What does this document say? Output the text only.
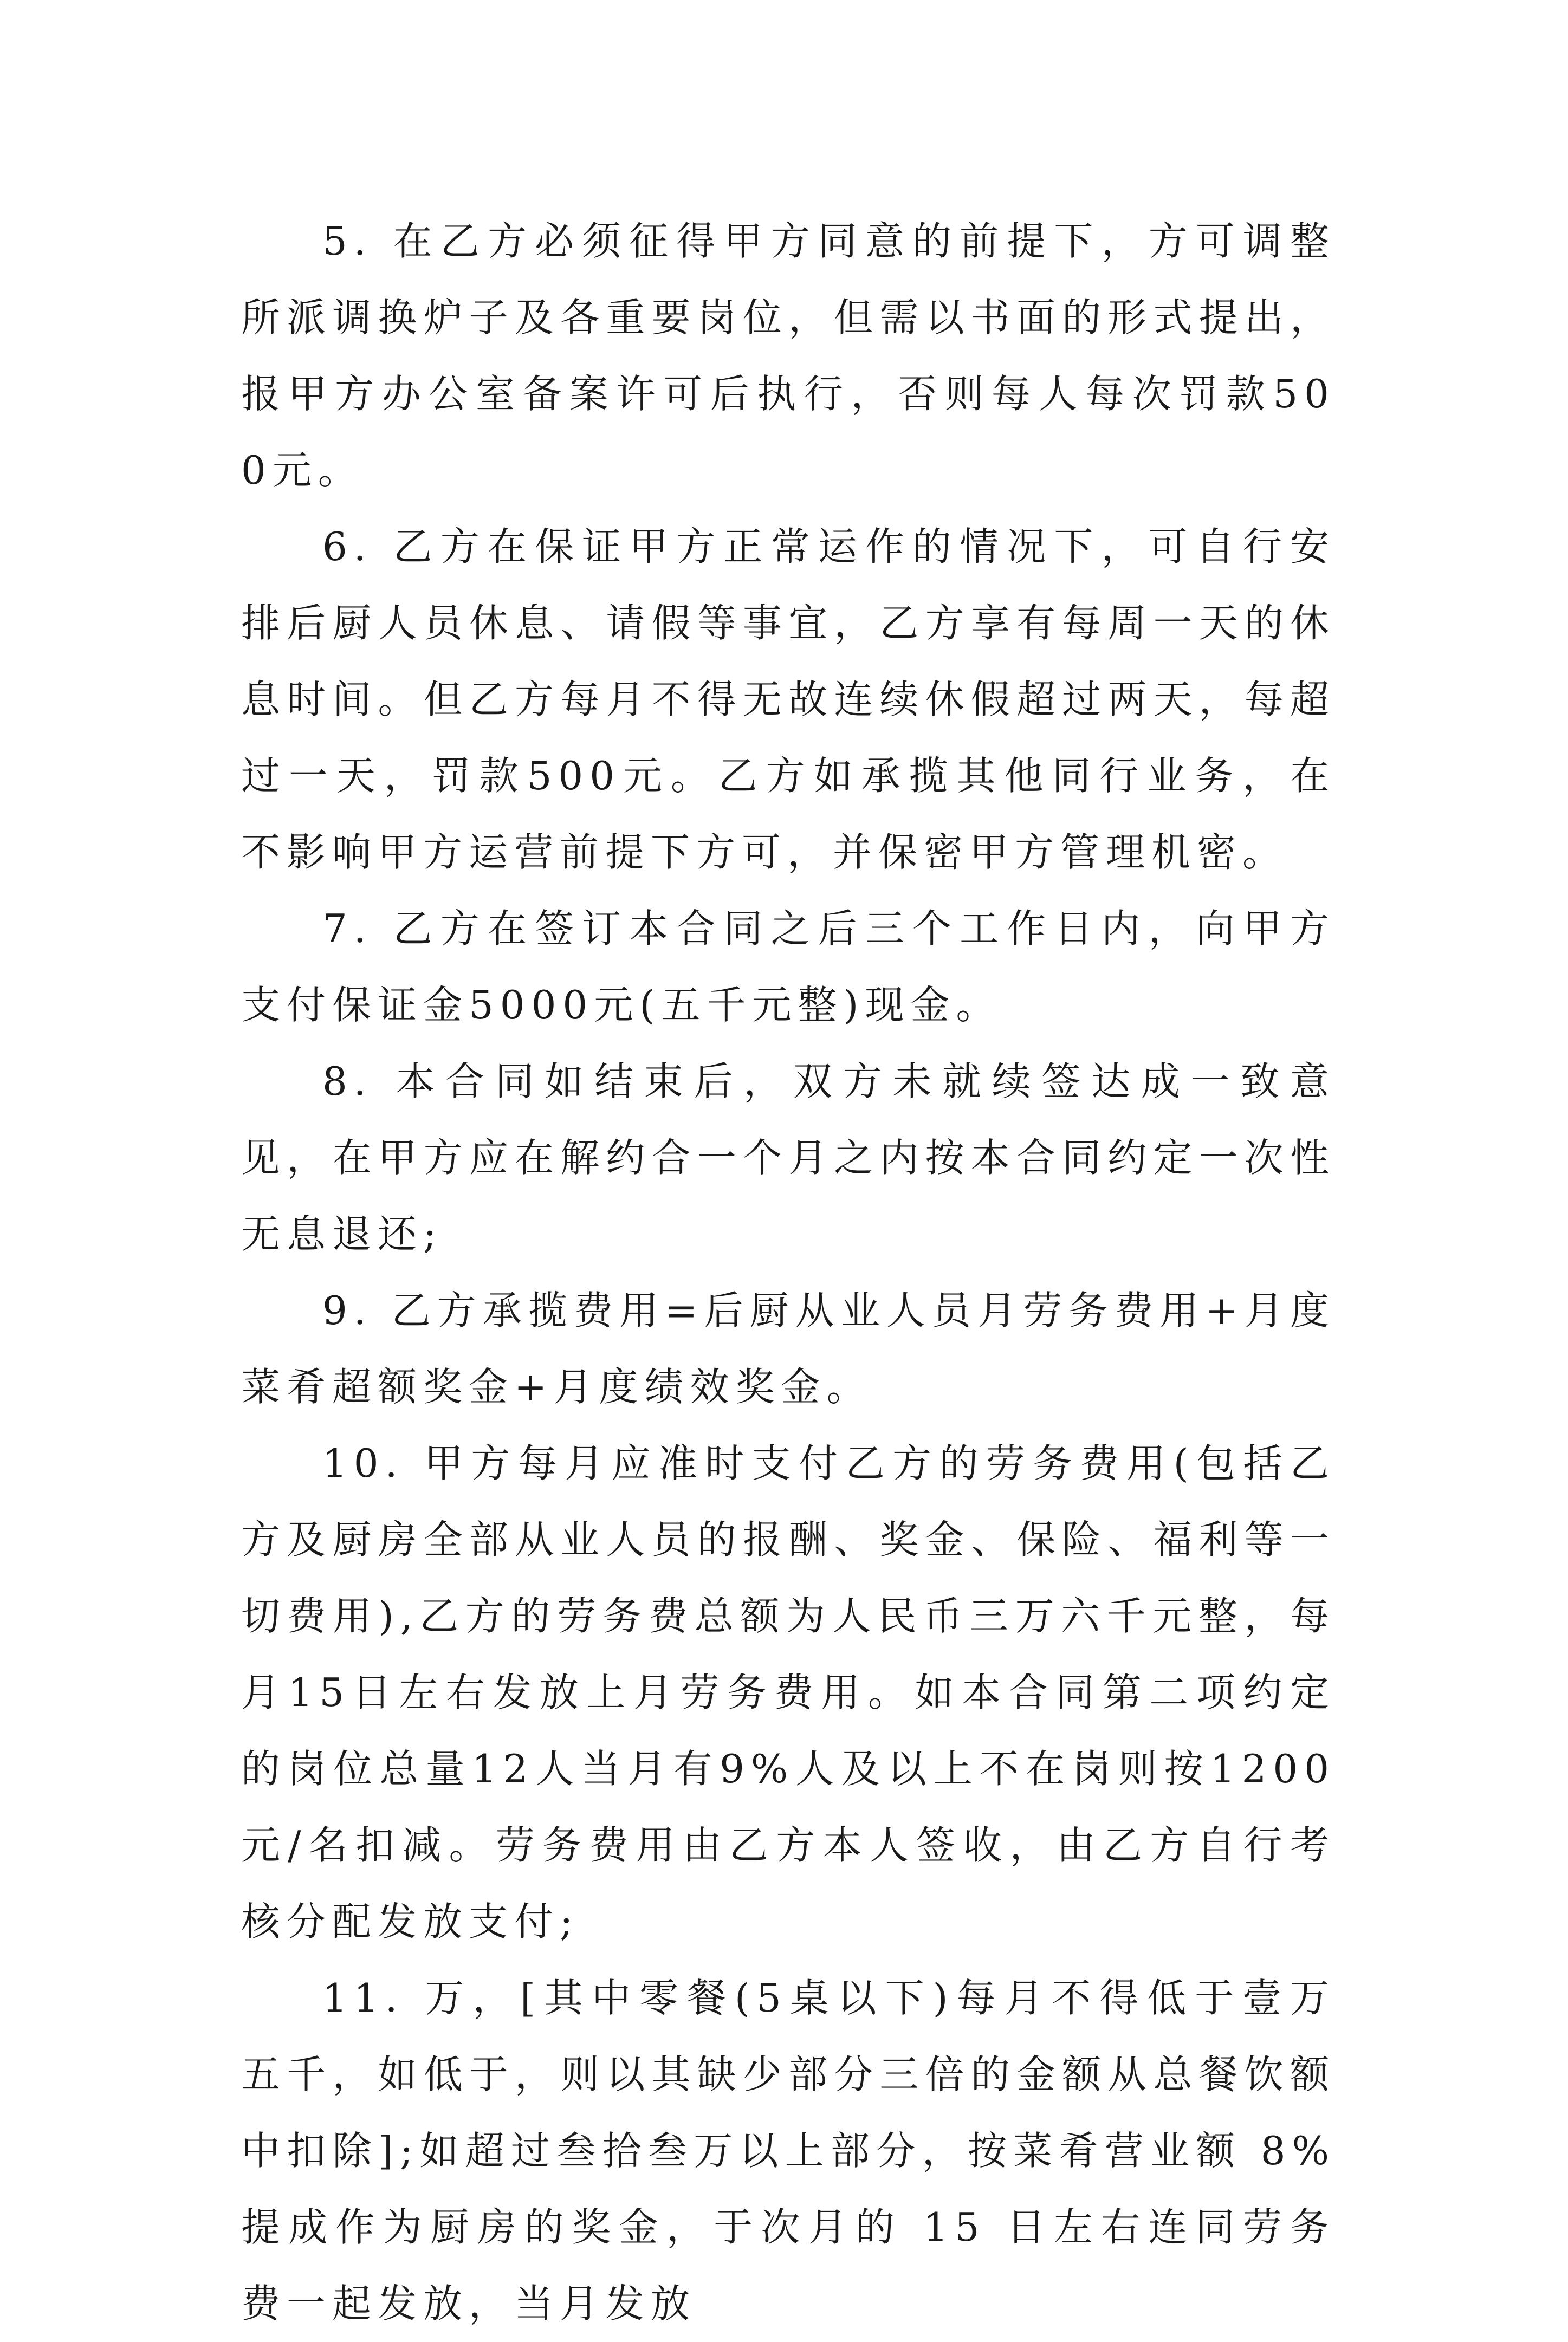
5. 在乙方必须征得甲方同意的前提下，方可调整所派调换炉子及各重要岗位，但需以书面的形式提出，报甲方办公室备案许可后执行，否则每人每次罚款500元。

6. 乙方在保证甲方正常运作的情况下，可自行安排后厨人员休息、请假等事宜，乙方享有每周一天的休息时间。但乙方每月不得无故连续休假超过两天，每超过一天，罚款500元。乙方如承揽其他同行业务，在不影响甲方运营前提下方可，并保密甲方管理机密。

7. 乙方在签订本合同之后三个工作日内，向甲方支付保证金5000元(五千元整)现金。

8. 本合同如结束后，双方未就续签达成一致意见，在甲方应在解约合一个月之内按本合同约定一次性无息退还;

9. 乙方承揽费用=后厨从业人员月劳务费用+月度菜肴超额奖金+月度绩效奖金。

10. 甲方每月应准时支付乙方的劳务费用(包括乙方及厨房全部从业人员的报酬、奖金、保险、福利等一切费用),乙方的劳务费总额为人民币三万六千元整，每月15日左右发放上月劳务费用。如本合同第二项约定的岗位总量12人当月有9%人及以上不在岗则按1200元/名扣减。劳务费用由乙方本人签收，由乙方自行考核分配发放支付;

11. 万，[其中零餐(5桌以下)每月不得低于壹万五千，如低于，则以其缺少部分三倍的金额从总餐饮额中扣除];如超过叁拾叁万以上部分，按菜肴营业额 8% 提成作为厨房的奖金，于次月的 15 日左右连同劳务费一起发放，当月发放
